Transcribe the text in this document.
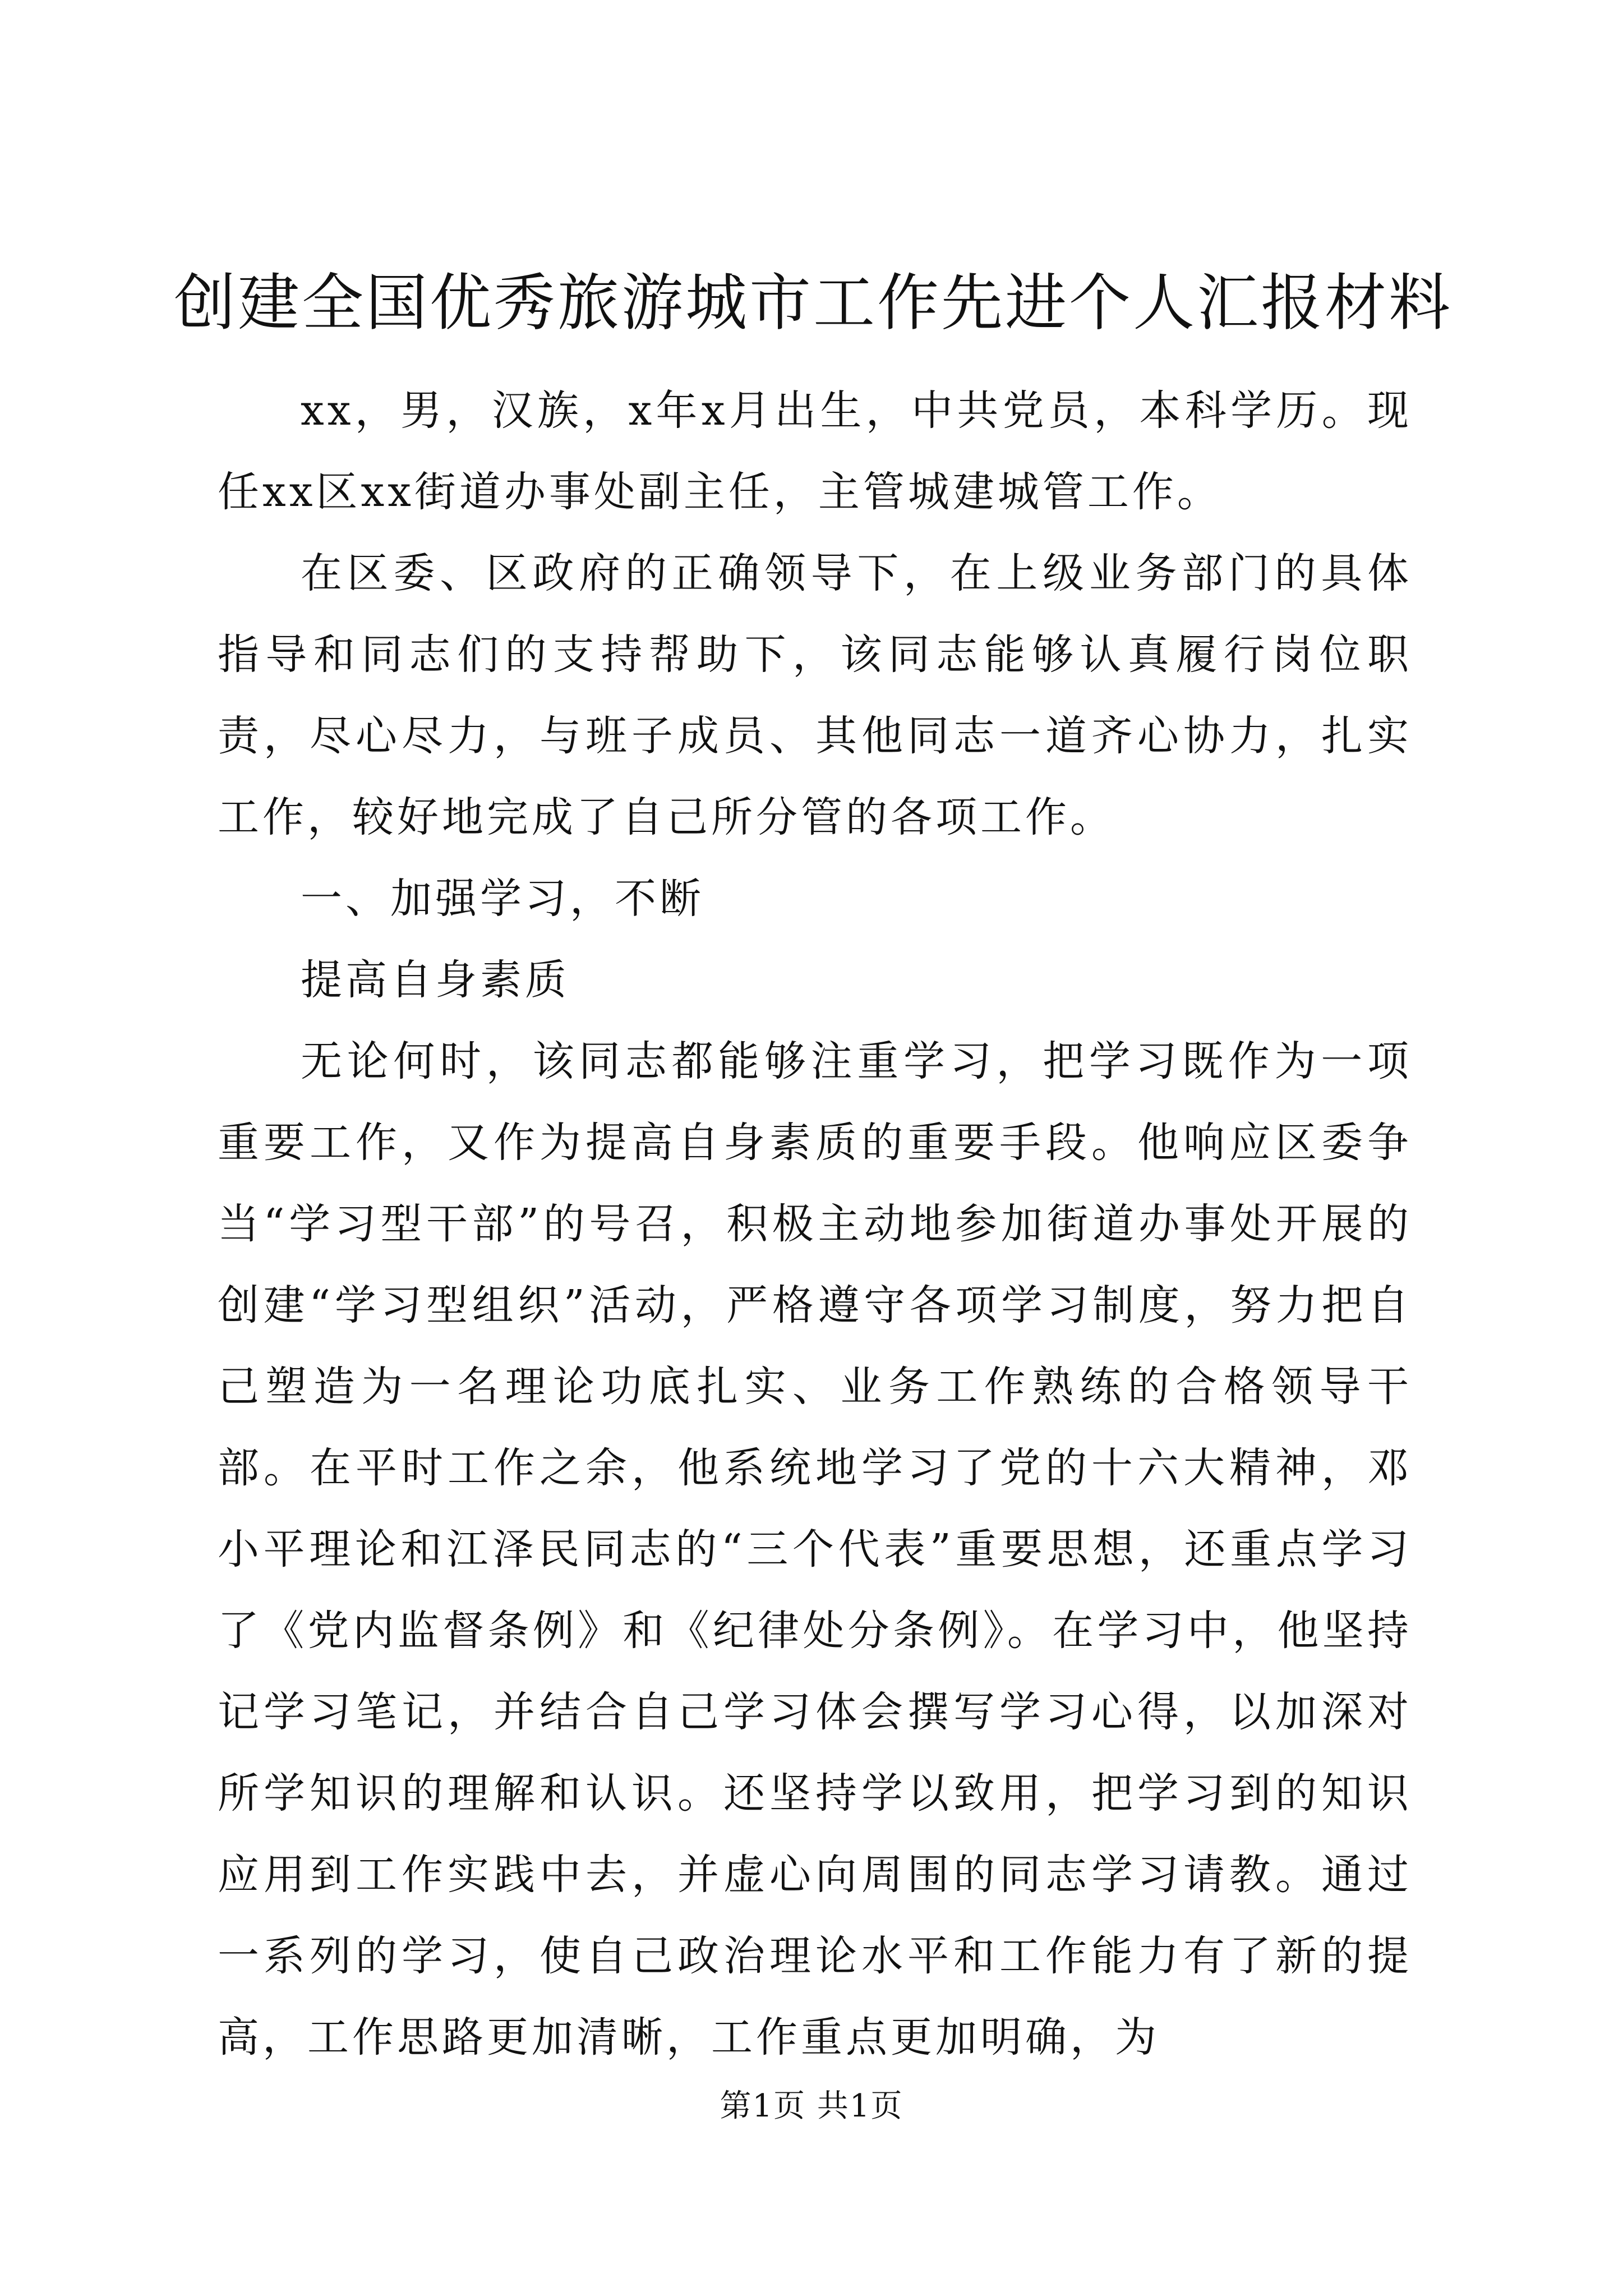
创建全国优秀旅游城市工作先进个人汇报材料

xx，男，汉族，x年x月出生，中共党员，本科学历。现任xx区xx街道办事处副主任，主管城建城管工作。

在区委、区政府的正确领导下，在上级业务部门的具体指导和同志们的支持帮助下，该同志能够认真履行岗位职责，尽心尽力，与班子成员、其他同志一道齐心协力，扎实工作，较好地完成了自己所分管的各项工作。

一、加强学习，不断

提高自身素质

无论何时，该同志都能够注重学习，把学习既作为一项重要工作，又作为提高自身素质的重要手段。他响应区委争当“学习型干部”的号召，积极主动地参加街道办事处开展的创建“学习型组织”活动，严格遵守各项学习制度，努力把自己塑造为一名理论功底扎实、业务工作熟练的合格领导干部。在平时工作之余，他系统地学习了党的十六大精神，邓小平理论和江泽民同志的“三个代表”重要思想，还重点学习了《党内监督条例》和《纪律处分条例》。在学习中，他坚持记学习笔记，并结合自己学习体会撰写学习心得，以加深对所学知识的理解和认识。还坚持学以致用，把学习到的知识应用到工作实践中去，并虚心向周围的同志学习请教。通过一系列的学习，使自己政治理论水平和工作能力有了新的提高，工作思路更加清晰，工作重点更加明确，为

第1页 共1页
